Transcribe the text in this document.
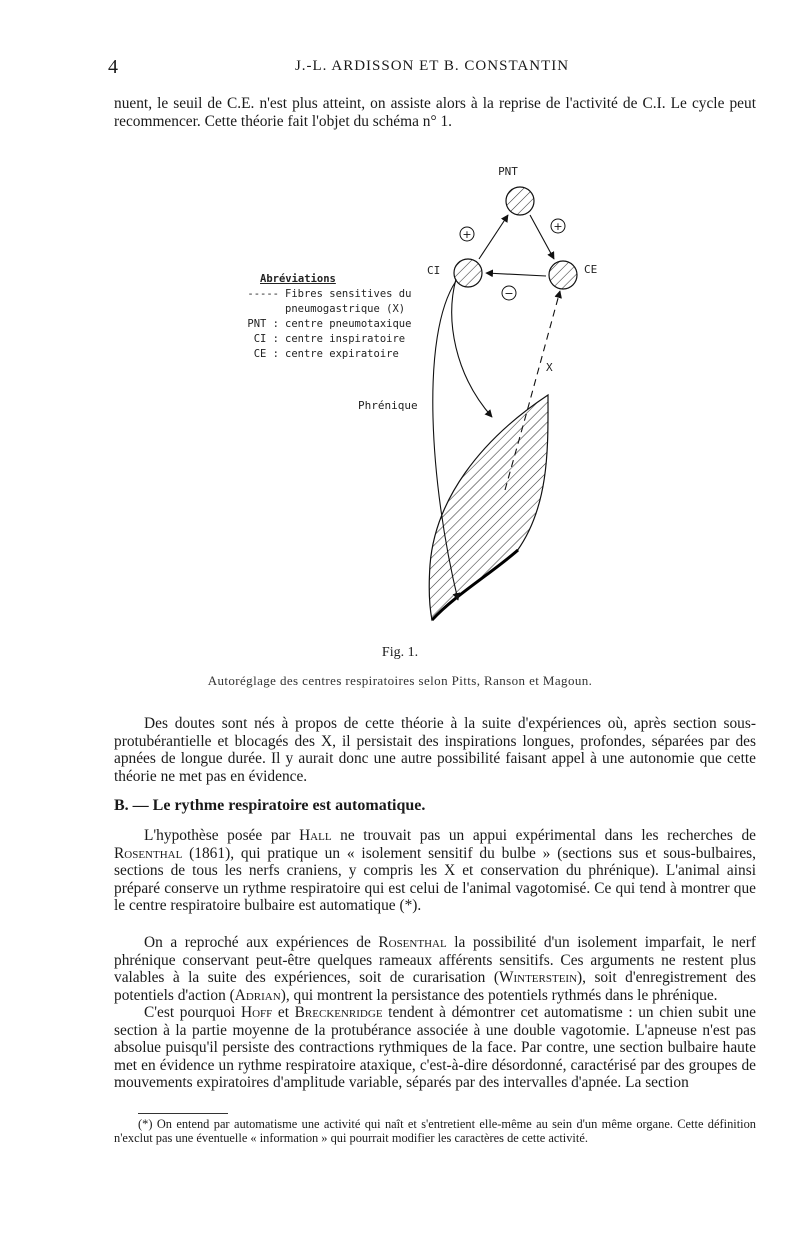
4	J.-L. ARDISSON ET B. CONSTANTIN

nuent, le seuil de C.E. n'est plus atteint, on assiste alors à la reprise de l'activité de C.I. Le cycle peut recommencer. Cette théorie fait l'objet du schéma n° 1.

PNT
CI	CE
+
+
−
X
Phrénique
Abréviations
----- Fibres sensitives du
pneumogastrique (X)
PNT : centre pneumotaxique
CI : centre inspiratoire
CE : centre expiratoire
Fig. 1.
Autoréglage des centres respiratoires selon Pitts, Ranson et Magoun.

Des doutes sont nés à propos de cette théorie à la suite d'expériences où, après section sous-protubérantielle et blocagés des X, il persistait des inspirations longues, profondes, séparées par des apnées de longue durée. Il y aurait donc une autre possibilité faisant appel à une autonomie que cette théorie ne met pas en évidence.

B. — Le rythme respiratoire est automatique.

L'hypothèse posée par Hall ne trouvait pas un appui expérimental dans les recherches de Rosenthal (1861), qui pratique un « isolement sensitif du bulbe » (sections sus et sous-bulbaires, sections de tous les nerfs craniens, y compris les X et conservation du phrénique). L'animal ainsi préparé conserve un rythme respiratoire qui est celui de l'animal vagotomisé. Ce qui tend à montrer que le centre respiratoire bulbaire est automatique (*).

On a reproché aux expériences de Rosenthal la possibilité d'un isolement imparfait, le nerf phrénique conservant peut-être quelques rameaux afférents sensitifs. Ces arguments ne restent plus valables à la suite des expériences, soit de curarisation (Winterstein), soit d'enregistrement des potentiels d'action (Adrian), qui montrent la persistance des potentiels rythmés dans le phrénique.

C'est pourquoi Hoff et Breckenridge tendent à démontrer cet automatisme : un chien subit une section à la partie moyenne de la protubérance associée à une double vagotomie. L'apneuse n'est pas absolue puisqu'il persiste des contractions rythmiques de la face. Par contre, une section bulbaire haute met en évidence un rythme respiratoire ataxique, c'est-à-dire désordonné, caractérisé par des groupes de mouvements expiratoires d'amplitude variable, séparés par des intervalles d'apnée. La section

(*) On entend par automatisme une activité qui naît et s'entretient elle-même au sein d'un même organe. Cette définition n'exclut pas une éventuelle « information » qui pourrait modifier les caractères de cette activité.
